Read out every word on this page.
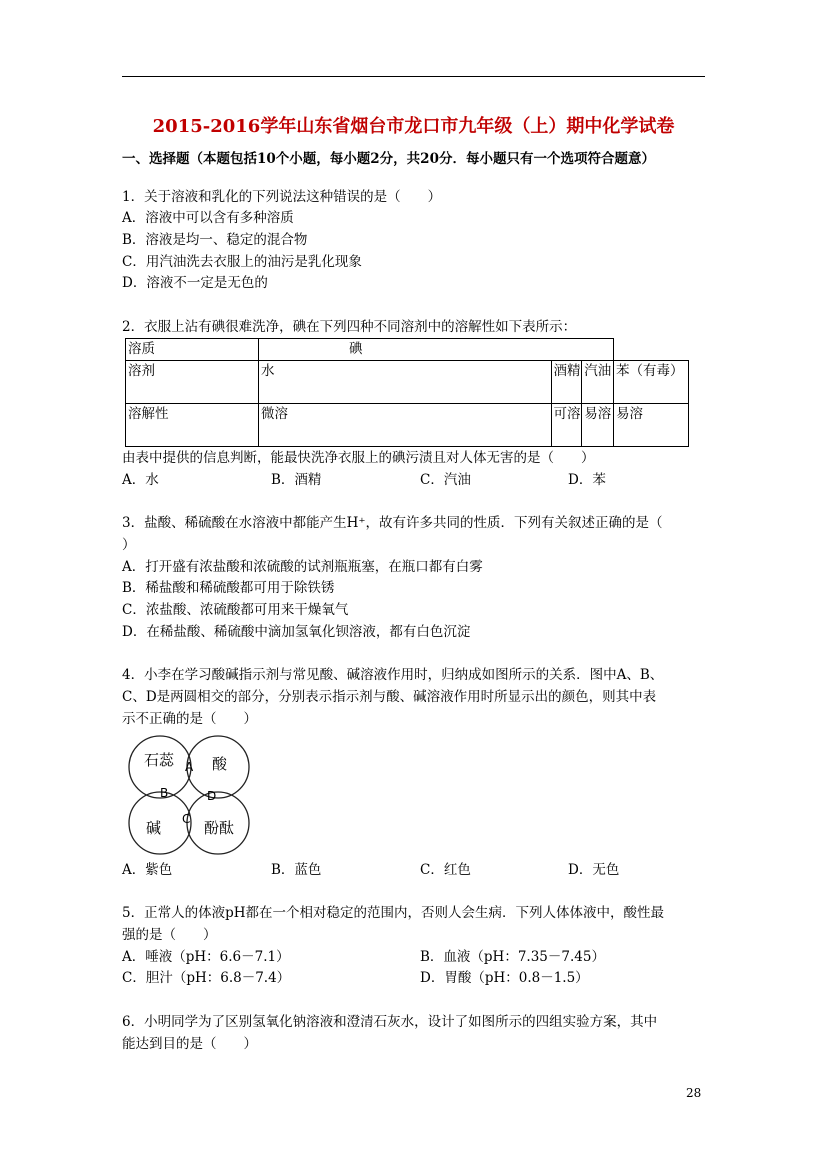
2015-2016学年山东省烟台市龙口市九年级（上）期中化学试卷
一、选择题（本题包括10个小题，每小题2分，共20分．每小题只有一个选项符合题意）
1．关于溶液和乳化的下列说法这种错误的是（　　）
A．溶液中可以含有多种溶质
B．溶液是均一、稳定的混合物
C．用汽油洗去衣服上的油污是乳化现象
D．溶液不一定是无色的
2．衣服上沾有碘很难洗净，碘在下列四种不同溶剂中的溶解性如下表所示：
溶质	碘			
溶剂	水	酒精	汽油	苯（有毒）
溶解性	微溶	可溶	易溶	易溶
由表中提供的信息判断，能最快洗净衣服上的碘污渍且对人体无害的是（　　）
A．水	B．酒精	C．汽油	D．苯
3．盐酸、稀硫酸在水溶液中都能产生H⁺，故有许多共同的性质．下列有关叙述正确的是（
）
A．打开盛有浓盐酸和浓硫酸的试剂瓶瓶塞，在瓶口都有白雾
B．稀盐酸和稀硫酸都可用于除铁锈
C．浓盐酸、浓硫酸都可用来干燥氧气
D．在稀盐酸、稀硫酸中滴加氢氧化钡溶液，都有白色沉淀
4．小李在学习酸碱指示剂与常见酸、碱溶液作用时，归纳成如图所示的关系．图中A、B、
C、D是两圆相交的部分，分别表示指示剂与酸、碱溶液作用时所显示出的颜色，则其中表
示不正确的是（　　）
石蕊	酸
碱	酚酞
A
B
C
D
A．紫色	B．蓝色	C．红色	D．无色
5．正常人的体液pH都在一个相对稳定的范围内，否则人会生病．下列人体体液中，酸性最
强的是（　　）
A．唾液（pH：6.6－7.1）	B．血液（pH：7.35－7.45）
C．胆汁（pH：6.8－7.4）	D．胃酸（pH：0.8－1.5）
6．小明同学为了区别氢氧化钠溶液和澄清石灰水，设计了如图所示的四组实验方案，其中
能达到目的是（　　）
28
